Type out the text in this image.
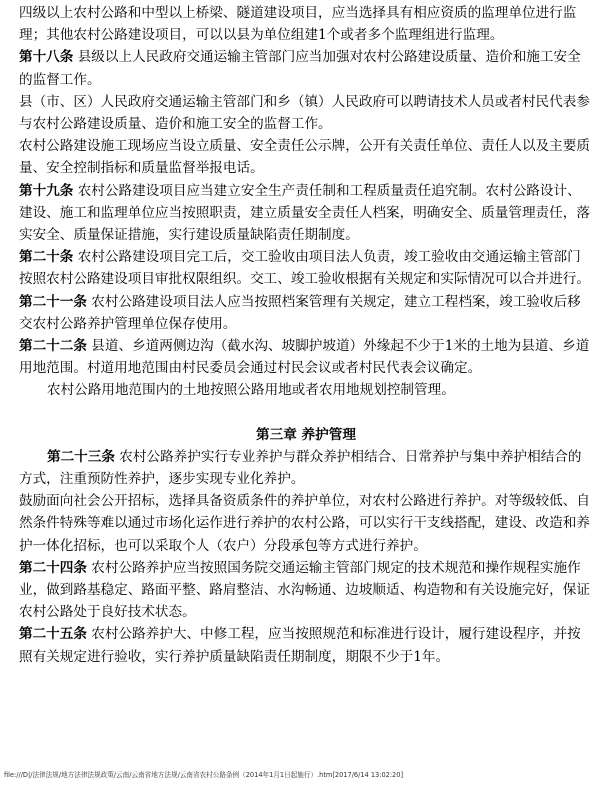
四级以上农村公路和中型以上桥梁、隧道建设项目，应当选择具有相应资质的监理单位进行监理；其他农村公路建设项目，可以以县为单位组建1个或者多个监理组进行监理。

第十八条 县级以上人民政府交通运输主管部门应当加强对农村公路建设质量、造价和施工安全的监督工作。

县（市、区）人民政府交通运输主管部门和乡（镇）人民政府可以聘请技术人员或者村民代表参与农村公路建设质量、造价和施工安全的监督工作。

农村公路建设施工现场应当设立质量、安全责任公示牌，公开有关责任单位、责任人以及主要质量、安全控制指标和质量监督举报电话。

第十九条 农村公路建设项目应当建立安全生产责任制和工程质量责任追究制。农村公路设计、建设、施工和监理单位应当按照职责，建立质量安全责任人档案，明确安全、质量管理责任，落实安全、质量保证措施，实行建设质量缺陷责任期制度。

第二十条 农村公路建设项目完工后，交工验收由项目法人负责，竣工验收由交通运输主管部门按照农村公路建设项目审批权限组织。交工、竣工验收根据有关规定和实际情况可以合并进行。

第二十一条 农村公路建设项目法人应当按照档案管理有关规定，建立工程档案，竣工验收后移交农村公路养护管理单位保存使用。

第二十二条 县道、乡道两侧边沟（截水沟、坡脚护坡道）外缘起不少于1米的土地为县道、乡道用地范围。村道用地范围由村民委员会通过村民会议或者村民代表会议确定。

农村公路用地范围内的土地按照公路用地或者农用地规划控制管理。

第三章 养护管理

第二十三条 农村公路养护实行专业养护与群众养护相结合、日常养护与集中养护相结合的方式，注重预防性养护，逐步实现专业化养护。

鼓励面向社会公开招标，选择具备资质条件的养护单位，对农村公路进行养护。对等级较低、自然条件特殊等难以通过市场化运作进行养护的农村公路，可以实行干支线搭配，建设、改造和养护一体化招标，也可以采取个人（农户）分段承包等方式进行养护。

第二十四条 农村公路养护应当按照国务院交通运输主管部门规定的技术规范和操作规程实施作业，做到路基稳定、路面平整、路肩整洁、水沟畅通、边坡顺适、构造物和有关设施完好，保证农村公路处于良好技术状态。

第二十五条 农村公路养护大、中修工程，应当按照规范和标准进行设计，履行建设程序，并按照有关规定进行验收，实行养护质量缺陷责任期制度，期限不少于1年。

file:///D|/法律法规/地方法律法规政策/云南/云南省地方法规/云南省农村公路条例（2014年1月1日起施行）.htm[2017/6/14 13:02:20]
